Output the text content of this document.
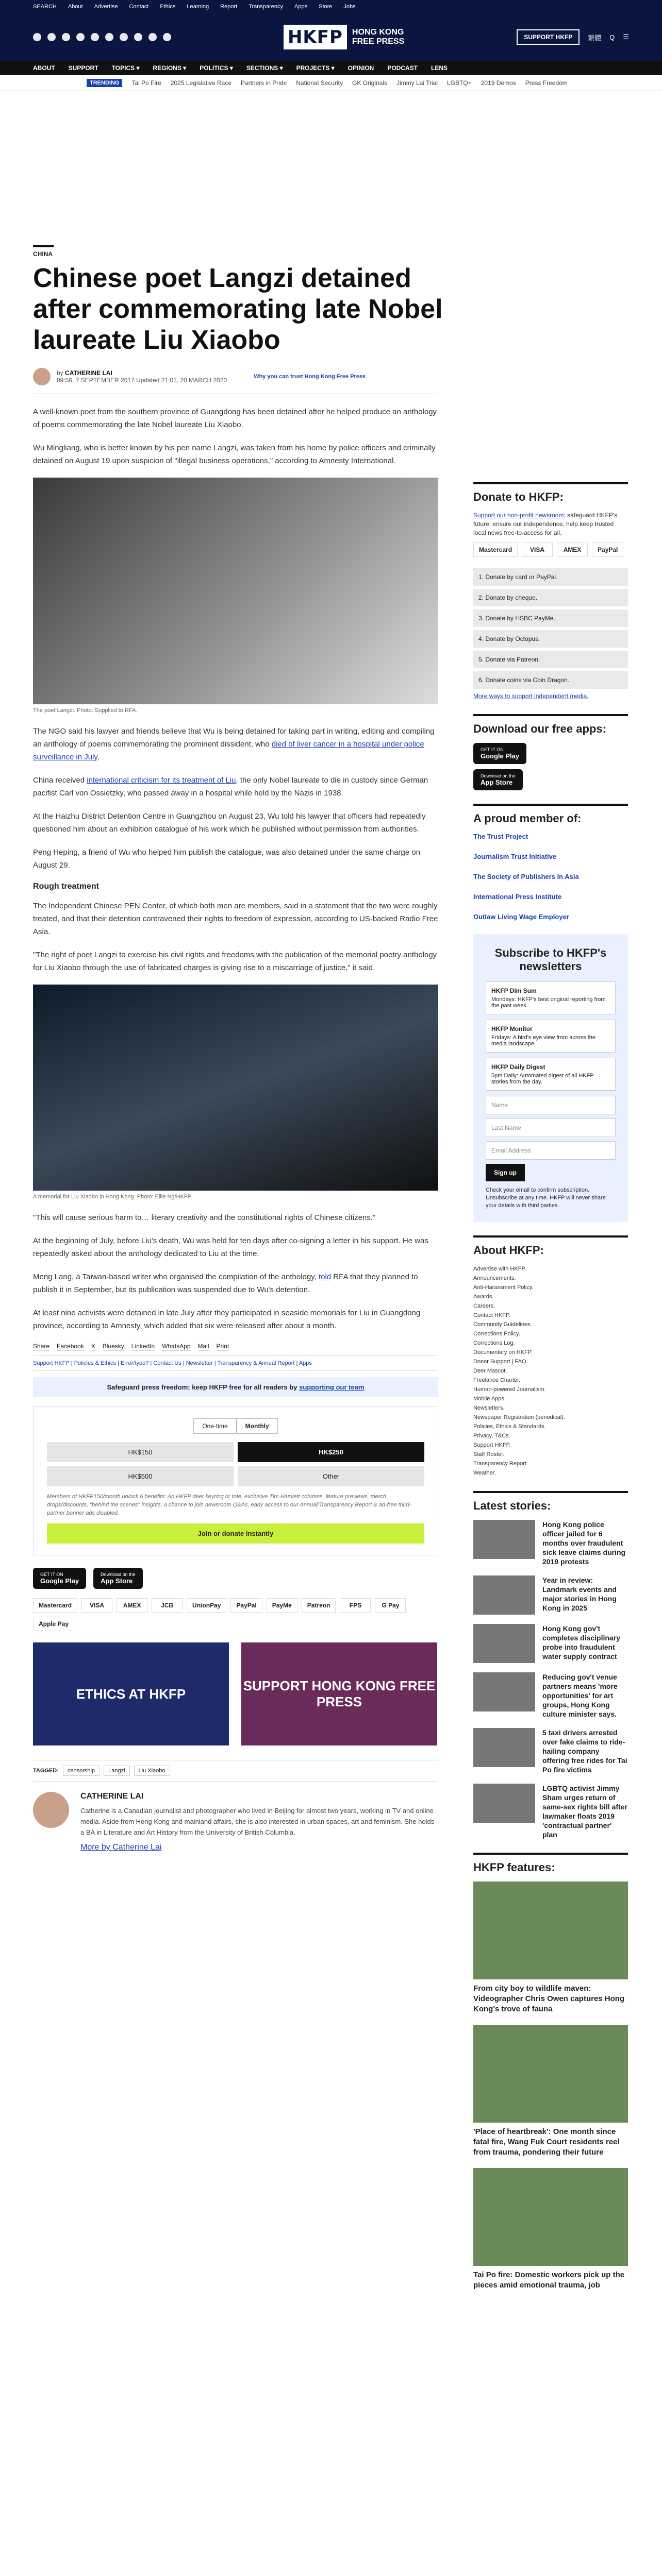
SEARCH About Advertise Contact Ethics Learning Report Transparency Apps Store Jobs
HKFP	HONG KONG
FREE PRESS	SUPPORT HKFP	繁體 Q ☰
ABOUT SUPPORT TOPICS ▾ REGIONS ▾ POLITICS ▾ SECTIONS ▾ PROJECTS ▾ OPINION PODCAST LENS
TRENDING	Tai Po Fire 2025 Legislative Race Partners in Pride National Security GK Originals Jimmy Lai Trial LGBTQ+ 2019 Demos Press Freedom
CHINA
Chinese poet Langzi detained after commemorating late Nobel laureate Liu Xiaobo
by CATHERINE LAI
09:56, 7 SEPTEMBER 2017 Updated 21:01, 20 MARCH 2020	Why you can trust Hong Kong Free Press

A well-known poet from the southern province of Guangdong has been detained after he helped produce an anthology of poems commemorating the late Nobel laureate Liu Xiaobo.

Wu Mingliang, who is better known by his pen name Langzi, was taken from his home by police officers and criminally detained on August 19 upon suspicion of "illegal business operations," according to Amnesty International.

The poet Langzi. Photo: Supplied to RFA.

The NGO said his lawyer and friends believe that Wu is being detained for taking part in writing, editing and compiling an anthology of poems commemorating the prominent dissident, who died of liver cancer in a hospital under police surveillance in July.

China received international criticism for its treatment of Liu, the only Nobel laureate to die in custody since German pacifist Carl von Ossietzky, who passed away in a hospital while held by the Nazis in 1938.

At the Haizhu District Detention Centre in Guangzhou on August 23, Wu told his lawyer that officers had repeatedly questioned him about an exhibition catalogue of his work which he published without permission from authorities.

Peng Heping, a friend of Wu who helped him publish the catalogue, was also detained under the same charge on August 29.

Rough treatment

The Independent Chinese PEN Center, of which both men are members, said in a statement that the two were roughly treated, and that their detention contravened their rights to freedom of expression, according to US-backed Radio Free Asia.

"The right of poet Langzi to exercise his civil rights and freedoms with the publication of the memorial poetry anthology for Liu Xiaobo through the use of fabricated charges is giving rise to a miscarriage of justice," it said.

A memorial for Liu Xiaobo in Hong Kong. Photo: Ellie Ng/HKFP.

"This will cause serious harm to… literary creativity and the constitutional rights of Chinese citizens."

At the beginning of July, before Liu's death, Wu was held for ten days after co-signing a letter in his support. He was repeatedly asked about the anthology dedicated to Liu at the time.

Meng Lang, a Taiwan-based writer who organised the compilation of the anthology, told RFA that they planned to publish it in September, but its publication was suspended due to Wu's detention.

At least nine activists were detained in late July after they participated in seaside memorials for Liu in Guangdong province, according to Amnesty, which added that six were released after about a month.

Share Facebook X Bluesky LinkedIn WhatsApp Mail Print
Support HKFP | Policies & Ethics | Error/typo? | Contact Us | Newsletter | Transparency & Annual Report | Apps
Safeguard press freedom; keep HKFP free for all readers by supporting our team
One-time	Monthly
HK$150	HK$250
HK$500	Other
Members of HKFP150/month unlock 6 benefits: An HKFP deer keyring or tote, exclusive Tim Hamlett columns, feature previews, merch drops/discounts, "behind the scenes" insights, a chance to join newsroom Q&As, early access to our Annual/Transparency Report & ad-free third-partner banner ads disabled.
Join or donate instantly
GET IT ON
Google Play
Download on the
App Store
Mastercard	VISA	AMEX	JCB	UnionPay	PayPal	PayMe	Patreon	FPS	G Pay
Apple Pay
ETHICS AT HKFP
SUPPORT HONG KONG FREE PRESS
TAGGED:	censorship	Langzi	Liu Xiaobo
CATHERINE LAI

Catherine is a Canadian journalist and photographer who lived in Beijing for almost two years, working in TV and online media. Aside from Hong Kong and mainland affairs, she is also interested in urban spaces, art and feminism. She holds a BA in Literature and Art History from the University of British Columbia.

More by Catherine Lai
Donate to HKFP:

Support our non-profit newsroom; safeguard HKFP's future, ensure our independence, help keep trusted local news free-to-access for all.

Mastercard	VISA	AMEX	PayPal
1. Donate by card or PayPal.
2. Donate by cheque.
3. Donate by HSBC PayMe.
4. Donate by Octopus.
5. Donate via Patreon.
6. Donate coins via Coin Dragon.

More ways to support independent media.

Download our free apps:
GET IT ON
Google Play

Download on the
App Store
A proud member of:
The Trust Project
Journalism Trust Initiative
The Society of Publishers in Asia
International Press Institute
Outlaw Living Wage Employer
Subscribe to HKFP's newsletters
HKFP Dim Sum
Mondays: HKFP's best original reporting from the past week.
HKFP Monitor
Fridays: A bird's eye view from across the media landscape.
HKFP Daily Digest
5pm Daily: Automated digest of all HKFP stories from the day.
Name
Last Name
Email Address
Sign up

Check your email to confirm subscription. Unsubscribe at any time. HKFP will never share your details with third parties.

About HKFP:
Advertise with HKFP.
Announcements.
Anti-Harassment Policy.
Awards.
Careers.
Contact HKFP.
Community Guidelines.
Corrections Policy.
Corrections Log.
Documentary on HKFP.
Donor Support | FAQ.
Deer Mascot.
Freelance Charter.
Human-powered Journalism.
Mobile Apps.
Newsletters.
Newspaper Registration (periodical).
Policies, Ethics & Standards.
Privacy, T&Cs.
Support HKFP.
Staff Roster.
Transparency Report.
Weather.
Latest stories:
Hong Kong police officer jailed for 6 months over fraudulent sick leave claims during 2019 protests
Year in review: Landmark events and major stories in Hong Kong in 2025
Hong Kong gov't completes disciplinary probe into fraudulent water supply contract
Reducing gov't venue partners means 'more opportunities' for art groups, Hong Kong culture minister says.
5 taxi drivers arrested over fake claims to ride-hailing company offering free rides for Tai Po fire victims
LGBTQ activist Jimmy Sham urges return of same-sex rights bill after lawmaker floats 2019 'contractual partner' plan
HKFP features:
From city boy to wildlife maven: Videographer Chris Owen captures Hong Kong's trove of fauna
'Place of heartbreak': One month since fatal fire, Wang Fuk Court residents reel from trauma, pondering their future
Tai Po fire: Domestic workers pick up the pieces amid emotional trauma, job
